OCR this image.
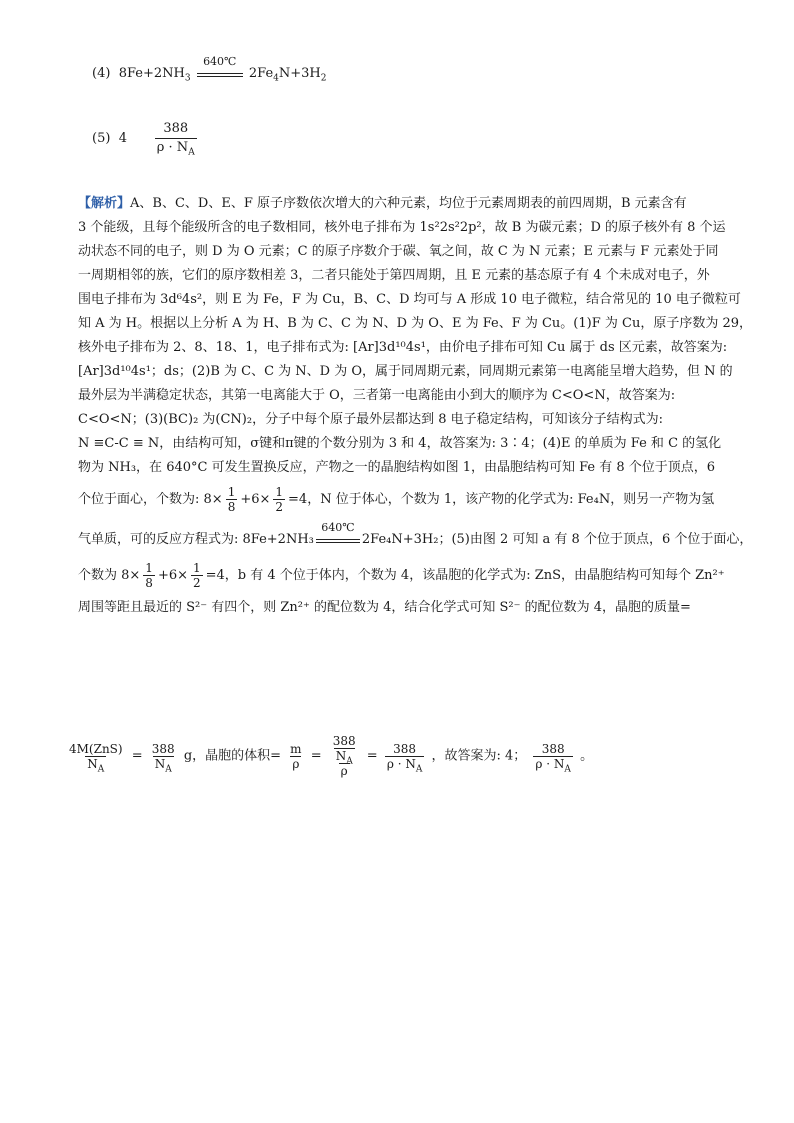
(4) $8Fe+2NH_3$
640℃
$2Fe_4N+3H_2$
(5) $4 \frac{388}{\rho \cdot N_A}$
【解析】A、B、C、D、E、F 原子序数依次增大的六种元素，均位于元素周期表的前四周期，B 元素含有
3 个能级，且每个能级所含的电子数相同，核外电子排布为 1s²2s²2p²，故 B 为碳元素；D 的原子核外有 8 个运
动状态不同的电子，则 D 为 O 元素；C 的原子序数介于碳、氧之间，故 C 为 N 元素；E 元素与 F 元素处于同
一周期相邻的族，它们的原序数相差 3，二者只能处于第四周期，且 E 元素的基态原子有 4 个未成对电子，外
围电子排布为 3d⁶4s²，则 E 为 Fe，F 为 Cu，B、C、D 均可与 A 形成 10 电子微粒，结合常见的 10 电子微粒可
知 A 为 H。根据以上分析 A 为 H、B 为 C、C 为 N、D 为 O、E 为 Fe、F 为 Cu。(1)F 为 Cu，原子序数为 29，
核外电子排布为 2、8、18、1，电子排布式为: [Ar]3d¹⁰4s¹，由价电子排布可知 Cu 属于 ds 区元素，故答案为:
[Ar]3d¹⁰4s¹；ds；(2)B 为 C、C 为 N、D 为 O，属于同周期元素，同周期元素第一电离能呈增大趋势，但 N 的
最外层为半满稳定状态，其第一电离能大于 O，三者第一电离能由小到大的顺序为 C<O<N，故答案为:
C<O<N；(3)(BC)₂ 为(CN)₂，分子中每个原子最外层都达到 8 电子稳定结构，可知该分子结构式为:
N ≡C-C ≡ N，由结构可知，σ键和π键的个数分别为 3 和 4，故答案为: 3∶4；(4)E 的单质为 Fe 和 C 的氢化
物为 NH₃，在 640°C 可发生置换反应，产物之一的晶胞结构如图 1，由晶胞结构可知 Fe 有 8 个位于顶点，6
个位于面心，个数为: $8\times \frac{1}{8} +6\times \frac{1}{2} =4$，N 位于体心，个数为 1，该产物的化学式为: Fe₄N，则另一产物为氢
气单质，可的反应方程式为: 8Fe+2NH₃
640℃
2Fe₄N+3H₂；(5)由图 2 可知 a 有 8 个位于顶点，6 个位于面心，
个数为 $8\times \frac{1}{8} +6\times \frac{1}{2} =4$，b 有 4 个位于体内，个数为 4，该晶胞的化学式为: ZnS，由晶胞结构可知每个 Zn²⁺
周围等距且最近的 S²⁻ 有四个，则 Zn²⁺ 的配位数为 4，结合化学式可知 S²⁻ 的配位数为 4，晶胞的质量=
$\frac{\text{4M(ZnS)}}{N_A} = \frac{388}{N_A}$ g，晶胞的体积= $\frac{m}{\rho} = \frac{\frac{388}{N_A}}{\rho} = \frac{388}{\rho \cdot N_A}$ ，故答案为: 4； $\frac{388}{\rho \cdot N_A}$ 。
